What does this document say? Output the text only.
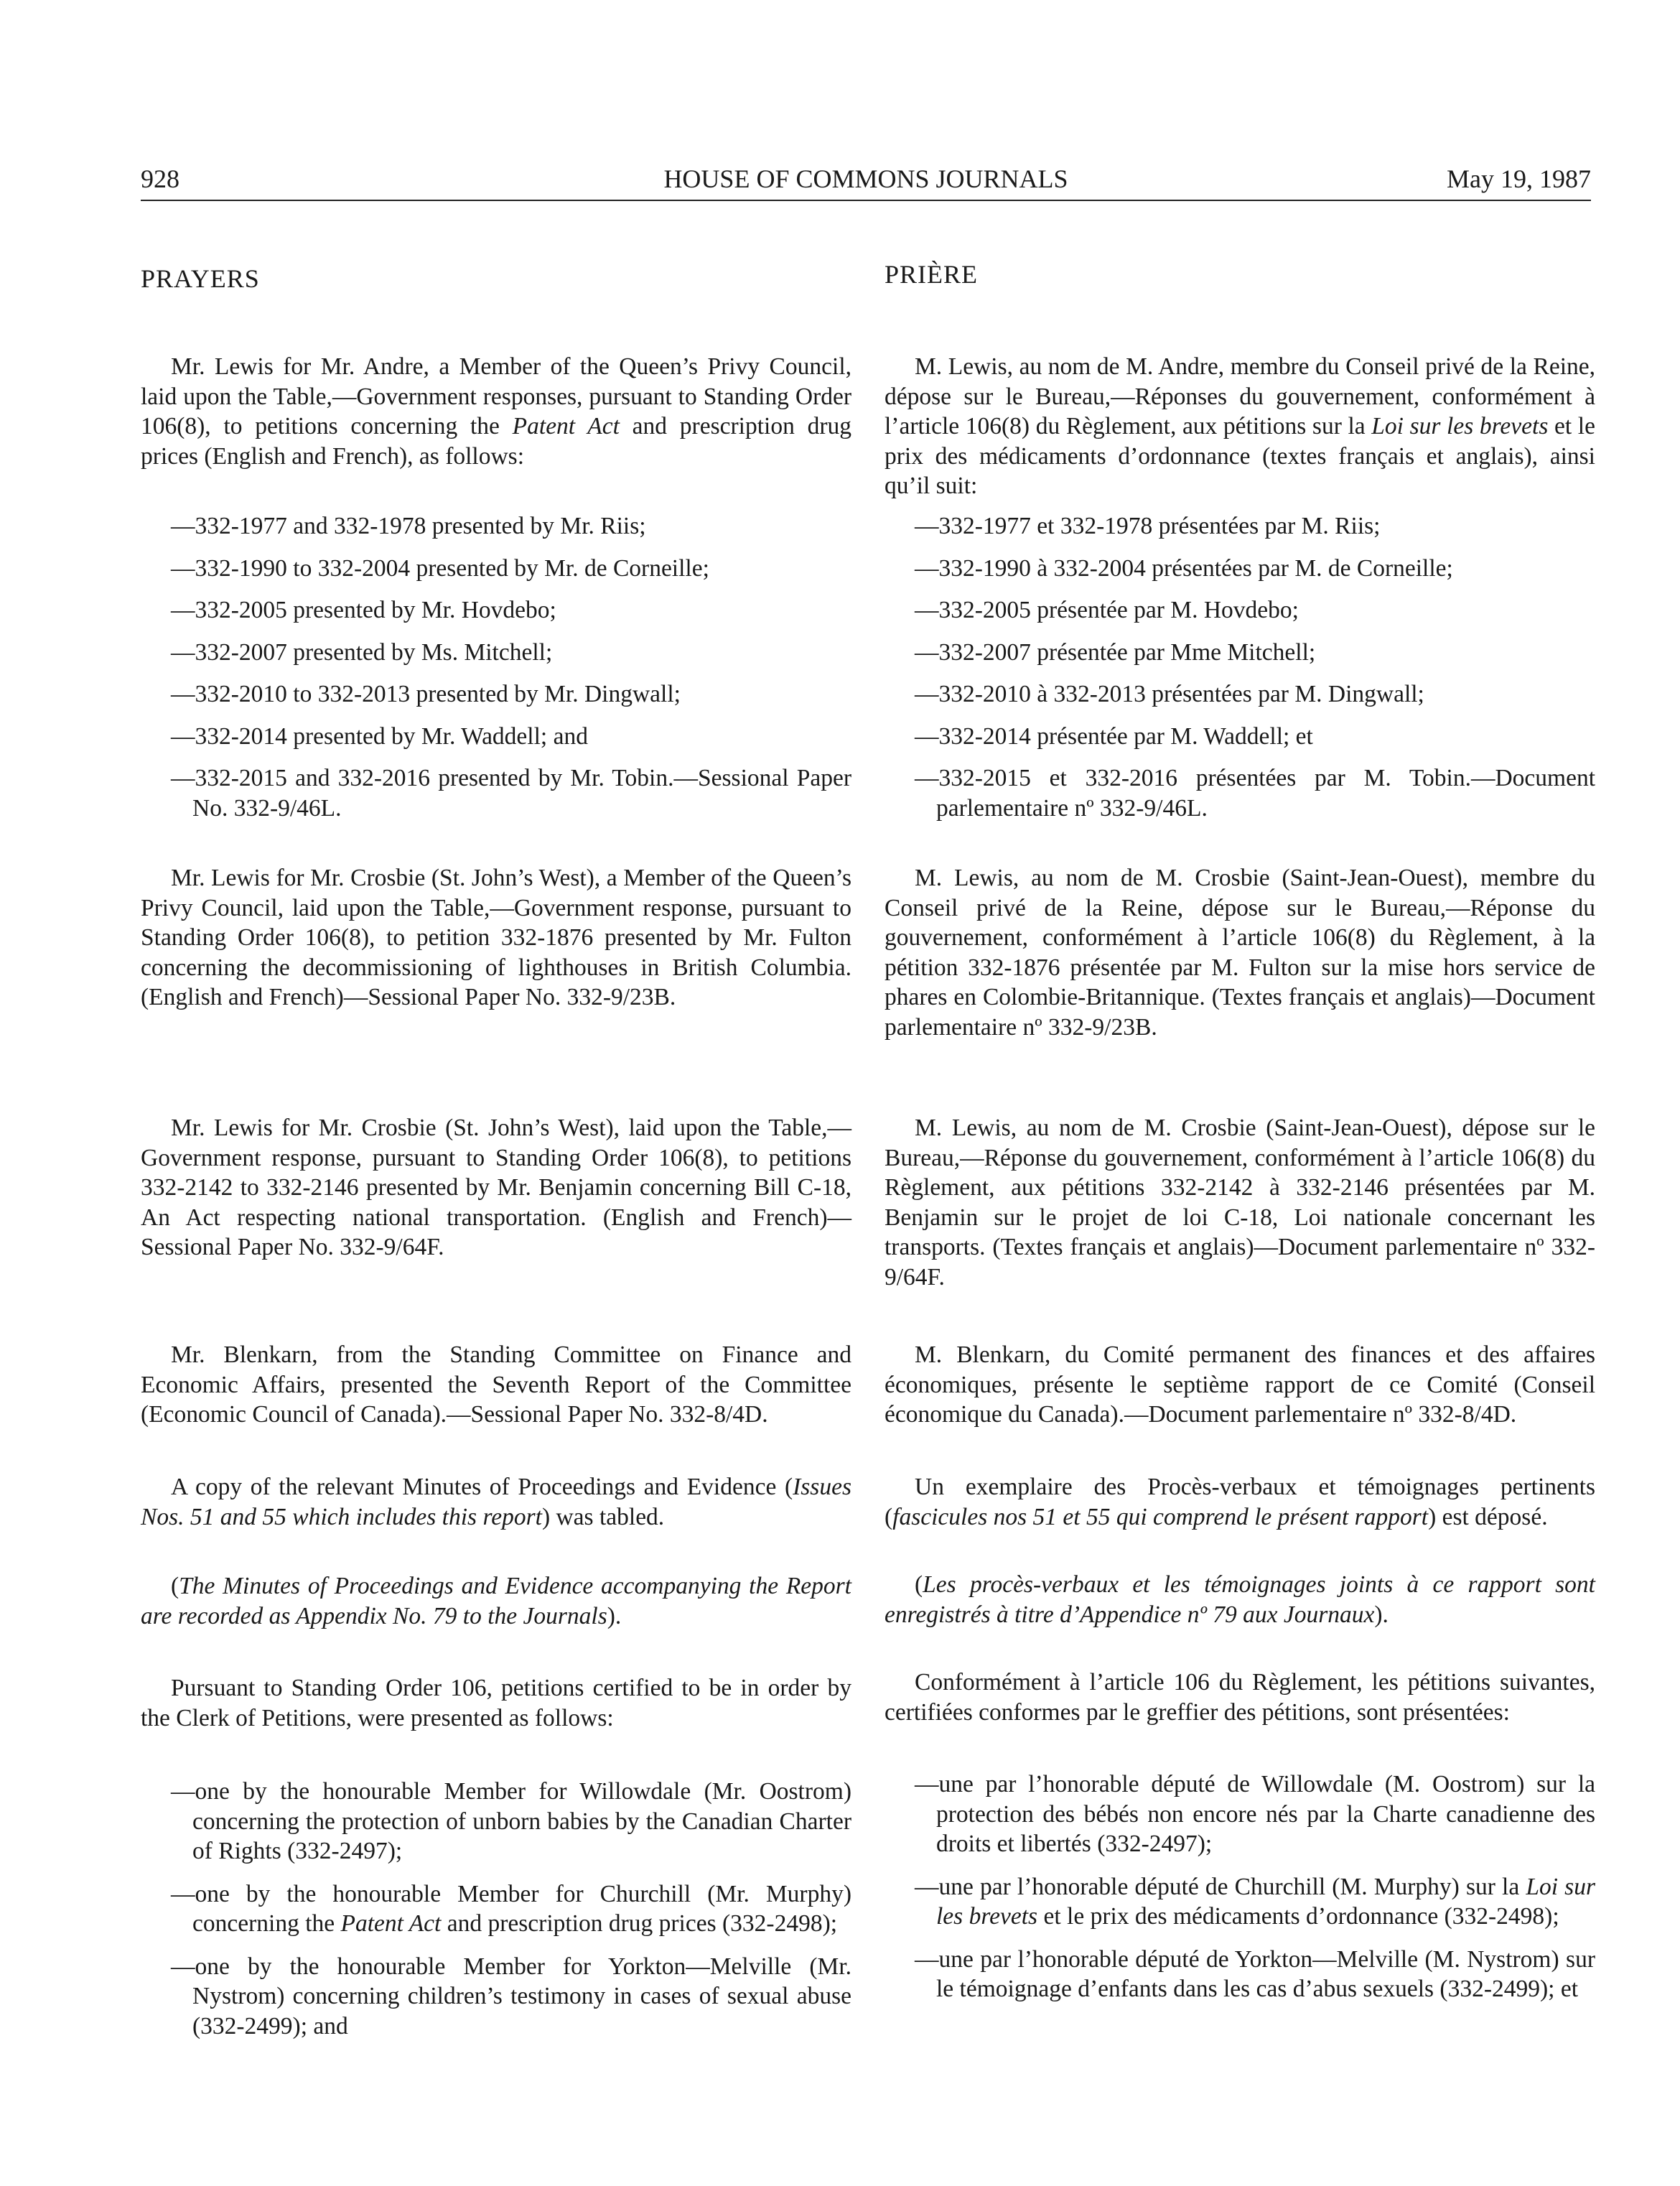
928	HOUSE OF COMMONS JOURNALS	May 19, 1987
PRAYERS

Mr. Lewis for Mr. Andre, a Member of the Queen’s Privy Council, laid upon the Table,—Government responses, pursuant to Standing Order 106(8), to petitions concerning the Patent Act and prescription drug prices (English and French), as follows:

—332-1977 and 332-1978 presented by Mr. Riis;

—332-1990 to 332-2004 presented by Mr. de Corneille;

—332-2005 presented by Mr. Hovdebo;

—332-2007 presented by Ms. Mitchell;

—332-2010 to 332-2013 presented by Mr. Dingwall;

—332-2014 presented by Mr. Waddell; and

—332-2015 and 332-2016 presented by Mr. Tobin.—Sessional Paper No. 332-9/46L.

Mr. Lewis for Mr. Crosbie (St. John’s West), a Member of the Queen’s Privy Council, laid upon the Table,—Government response, pursuant to Standing Order 106(8), to petition 332-1876 presented by Mr. Fulton concerning the decommissioning of lighthouses in British Columbia. (English and French)—Sessional Paper No. 332-9/23B.

Mr. Lewis for Mr. Crosbie (St. John’s West), laid upon the Table,—Government response, pursuant to Standing Order 106(8), to petitions 332-2142 to 332-2146 presented by Mr. Benjamin concerning Bill C-18, An Act respecting national transportation. (English and French)—Sessional Paper No. 332-9/64F.

Mr. Blenkarn, from the Standing Committee on Finance and Economic Affairs, presented the Seventh Report of the Committee (Economic Council of Canada).—Sessional Paper No. 332-8/4D.

A copy of the relevant Minutes of Proceedings and Evidence (Issues Nos. 51 and 55 which includes this report) was tabled.

(The Minutes of Proceedings and Evidence accompanying the Report are recorded as Appendix No. 79 to the Journals).

Pursuant to Standing Order 106, petitions certified to be in order by the Clerk of Petitions, were presented as follows:

—one by the honourable Member for Willowdale (Mr. Oostrom) concerning the protection of unborn babies by the Canadian Charter of Rights (332-2497);

—one by the honourable Member for Churchill (Mr. Murphy) concerning the Patent Act and prescription drug prices (332-2498);

—one by the honourable Member for Yorkton—Melville (Mr. Nystrom) concerning children’s testimony in cases of sexual abuse (332-2499); and

PRIÈRE

M. Lewis, au nom de M. Andre, membre du Conseil privé de la Reine, dépose sur le Bureau,—Réponses du gouvernement, conformément à l’article 106(8) du Règlement, aux pétitions sur la Loi sur les brevets et le prix des médicaments d’ordonnance (textes français et anglais), ainsi qu’il suit:

—332-1977 et 332-1978 présentées par M. Riis;

—332-1990 à 332-2004 présentées par M. de Corneille;

—332-2005 présentée par M. Hovdebo;

—332-2007 présentée par Mme Mitchell;

—332-2010 à 332-2013 présentées par M. Dingwall;

—332-2014 présentée par M. Waddell; et

—332-2015 et 332-2016 présentées par M. Tobin.—Document parlementaire nº 332-9/46L.

M. Lewis, au nom de M. Crosbie (Saint-Jean-Ouest), membre du Conseil privé de la Reine, dépose sur le Bureau,—Réponse du gouvernement, conformément à l’article 106(8) du Règlement, à la pétition 332-1876 présentée par M. Fulton sur la mise hors service de phares en Colombie-Britannique. (Textes français et anglais)—Document parlementaire nº 332-9/23B.

M. Lewis, au nom de M. Crosbie (Saint-Jean-Ouest), dépose sur le Bureau,—Réponse du gouvernement, conformément à l’article 106(8) du Règlement, aux pétitions 332-2142 à 332-2146 présentées par M. Benjamin sur le projet de loi C-18, Loi nationale concernant les transports. (Textes français et anglais)—Document parlementaire nº 332-9/64F.

M. Blenkarn, du Comité permanent des finances et des affaires économiques, présente le septième rapport de ce Comité (Conseil économique du Canada).—Document parlementaire nº 332-8/4D.

Un exemplaire des Procès-verbaux et témoignages pertinents (fascicules nos 51 et 55 qui comprend le présent rapport) est déposé.

(Les procès-verbaux et les témoignages joints à ce rapport sont enregistrés à titre d’Appendice nº 79 aux Journaux).

Conformément à l’article 106 du Règlement, les pétitions suivantes, certifiées conformes par le greffier des pétitions, sont présentées:

—une par l’honorable député de Willowdale (M. Oostrom) sur la protection des bébés non encore nés par la Charte canadienne des droits et libertés (332-2497);

—une par l’honorable député de Churchill (M. Murphy) sur la Loi sur les brevets et le prix des médicaments d’ordonnance (332-2498);

—une par l’honorable député de Yorkton—Melville (M. Nystrom) sur le témoignage d’enfants dans les cas d’abus sexuels (332-2499); et
